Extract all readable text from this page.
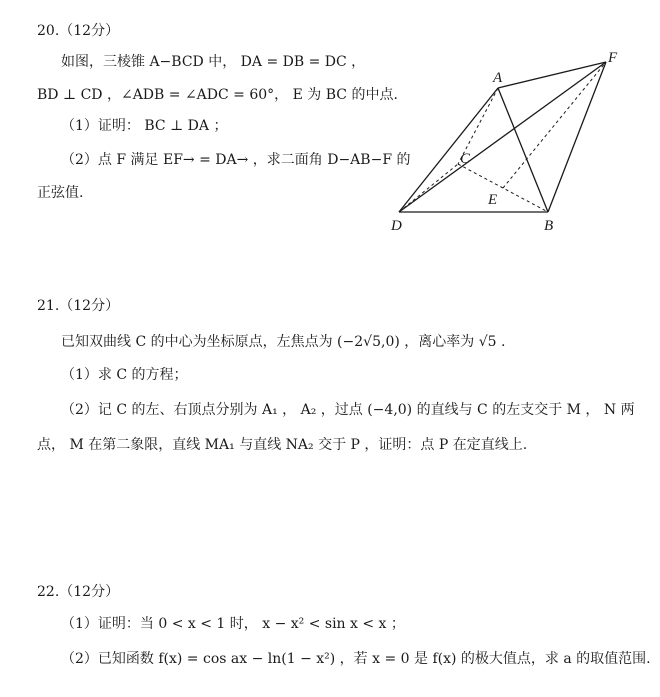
20.（12分）
如图，三棱锥 A−BCD 中， DA = DB = DC ，
BD ⊥ CD ，∠ADB = ∠ADC = 60°， E 为 BC 的中点.
（1）证明： BC ⊥ DA ；
（2）点 F 满足 EF→ = DA→ ，求二面角 D−AB−F 的
正弦值.
A
F
C
E
D	B
21.（12分）
已知双曲线 C 的中心为坐标原点，左焦点为 (−2√5,0) ，离心率为 √5 .
（1）求 C 的方程；
（2）记 C 的左、右顶点分别为 A₁ ， A₂ ，过点 (−4,0) 的直线与 C 的左支交于 M ， N 两
点， M 在第二象限，直线 MA₁ 与直线 NA₂ 交于 P ，证明：点 P 在定直线上.
22.（12分）
（1）证明：当 0 < x < 1 时， x − x² < sin x < x ；
（2）已知函数 f(x) = cos ax − ln(1 − x²) ，若 x = 0 是 f(x) 的极大值点，求 a 的取值范围.
